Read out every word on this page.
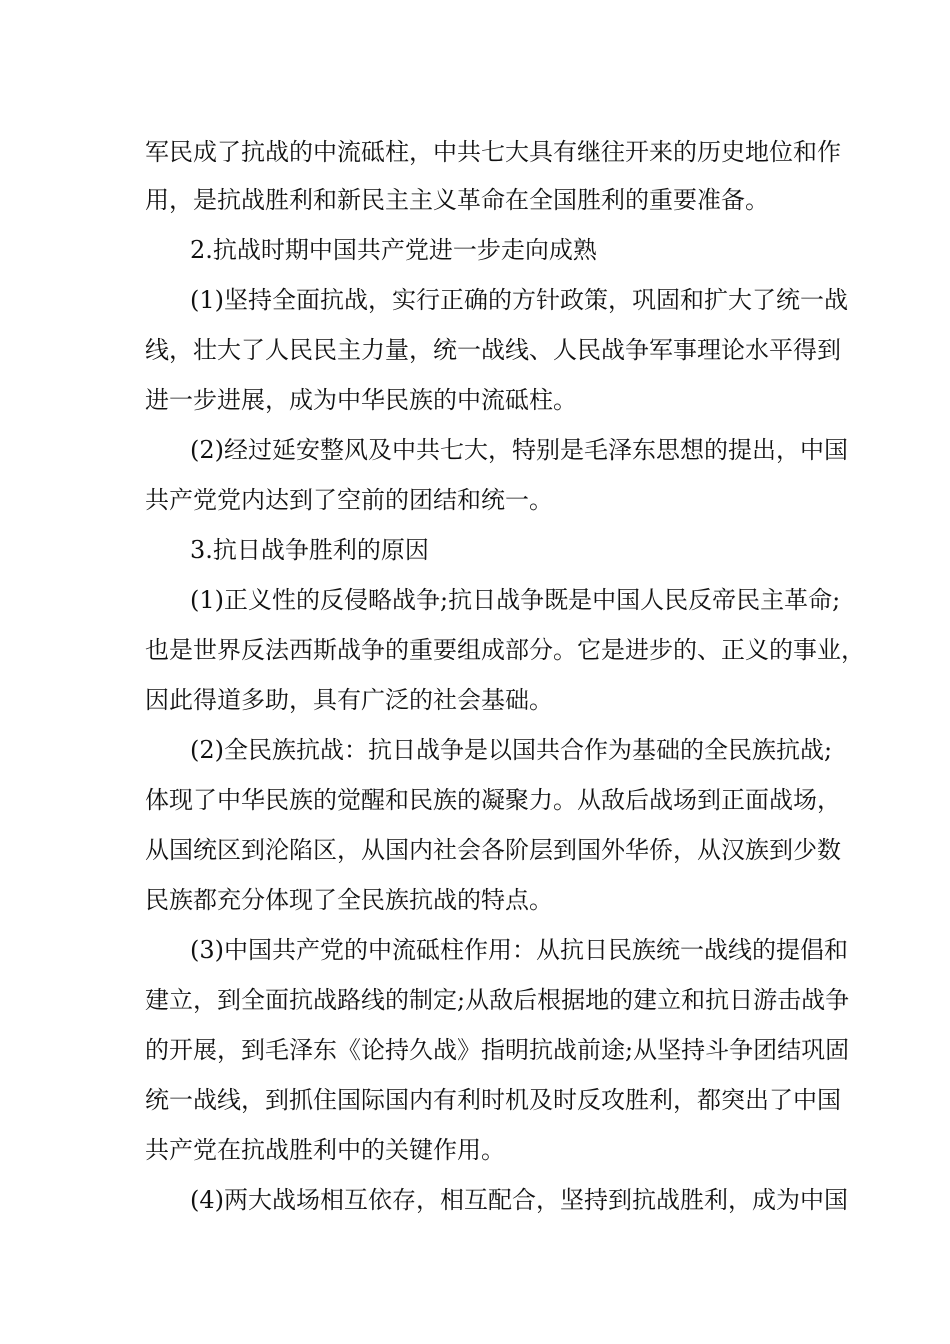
军民成了抗战的中流砥柱，中共七大具有继往开来的历史地位和作
用，是抗战胜利和新民主主义革命在全国胜利的重要准备。
2.抗战时期中国共产党进一步走向成熟
(1)坚持全面抗战，实行正确的方针政策，巩固和扩大了统一战
线，壮大了人民民主力量，统一战线、人民战争军事理论水平得到
进一步进展，成为中华民族的中流砥柱。
(2)经过延安整风及中共七大，特别是毛泽东思想的提出，中国
共产党党内达到了空前的团结和统一。
3.抗日战争胜利的原因
(1)正义性的反侵略战争;抗日战争既是中国人民反帝民主革命;
也是世界反法西斯战争的重要组成部分。它是进步的、正义的事业，
因此得道多助，具有广泛的社会基础。
(2)全民族抗战：抗日战争是以国共合作为基础的全民族抗战;
体现了中华民族的觉醒和民族的凝聚力。从敌后战场到正面战场，
从国统区到沦陷区，从国内社会各阶层到国外华侨，从汉族到少数
民族都充分体现了全民族抗战的特点。
(3)中国共产党的中流砥柱作用：从抗日民族统一战线的提倡和
建立，到全面抗战路线的制定;从敌后根据地的建立和抗日游击战争
的开展，到毛泽东《论持久战》指明抗战前途;从坚持斗争团结巩固
统一战线，到抓住国际国内有利时机及时反攻胜利，都突出了中国
共产党在抗战胜利中的关键作用。
(4)两大战场相互依存，相互配合，坚持到抗战胜利，成为中国
